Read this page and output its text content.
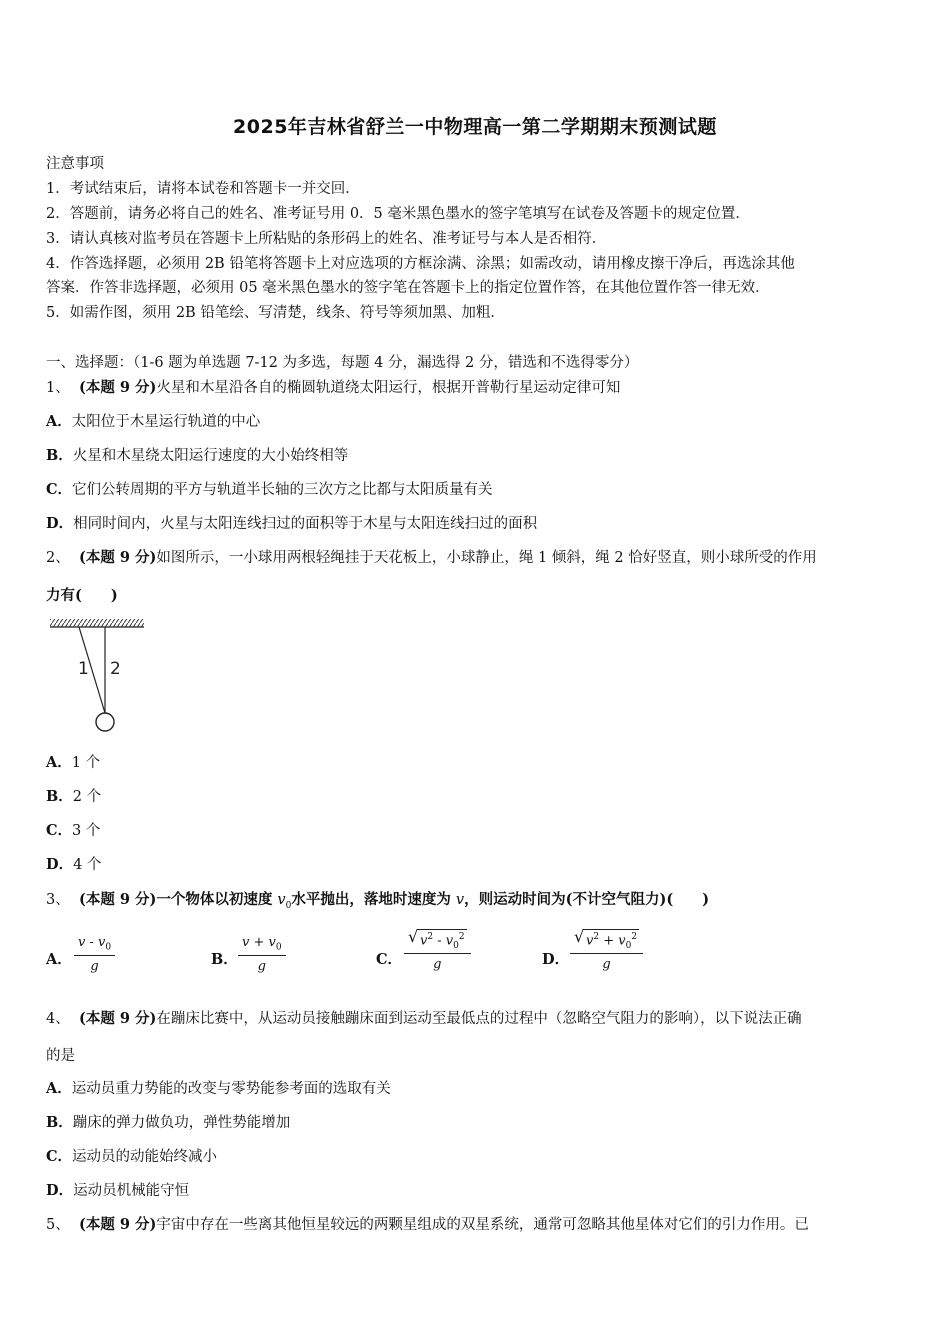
2025年吉林省舒兰一中物理高一第二学期期末预测试题
注意事项
1．考试结束后，请将本试卷和答题卡一并交回．
2．答题前，请务必将自己的姓名、准考证号用 0．5 毫米黑色墨水的签字笔填写在试卷及答题卡的规定位置．
3．请认真核对监考员在答题卡上所粘贴的条形码上的姓名、准考证号与本人是否相符．
4．作答选择题，必须用 2B 铅笔将答题卡上对应选项的方框涂满、涂黑；如需改动，请用橡皮擦干净后，再选涂其他
答案．作答非选择题，必须用 05 毫米黑色墨水的签字笔在答题卡上的指定位置作答，在其他位置作答一律无效．
5．如需作图，须用 2B 铅笔绘、写清楚，线条、符号等须加黑、加粗．
一、选择题：（1-6 题为单选题 7-12 为多选，每题 4 分，漏选得 2 分，错选和不选得零分）
1、 (本题 9 分)火星和木星沿各自的椭圆轨道绕太阳运行，根据开普勒行星运动定律可知
A．太阳位于木星运行轨道的中心
B．火星和木星绕太阳运行速度的大小始终相等
C．它们公转周期的平方与轨道半长轴的三次方之比都与太阳质量有关
D．相同时间内，火星与太阳连线扫过的面积等于木星与太阳连线扫过的面积
2、 (本题 9 分)如图所示，一小球用两根轻绳挂于天花板上，小球静止，绳 1 倾斜，绳 2 恰好竖直，则小球所受的作用
力有(　　)
1 2
A．1 个
B．2 个
C．3 个
D．4 个
3、 (本题 9 分)一个物体以初速度 $v_0$水平抛出，落地时速度为 v，则运动时间为(不计空气阻力)(　　)
A． $\frac{v - v_0}{g}$	B． $\frac{v + v_0}{g}$	C． $\frac{√ v^2 - v_0^2}{g}$	D． $\frac{√ v^2 + v_0^2}{g}$
4、 (本题 9 分)在蹦床比赛中，从运动员接触蹦床面到运动至最低点的过程中（忽略空气阻力的影响），以下说法正确
的是
A．运动员重力势能的改变与零势能参考面的选取有关
B．蹦床的弹力做负功，弹性势能增加
C．运动员的动能始终减小
D．运动员机械能守恒
5、 (本题 9 分)宇宙中存在一些离其他恒星较远的两颗星组成的双星系统，通常可忽略其他星体对它们的引力作用。已
